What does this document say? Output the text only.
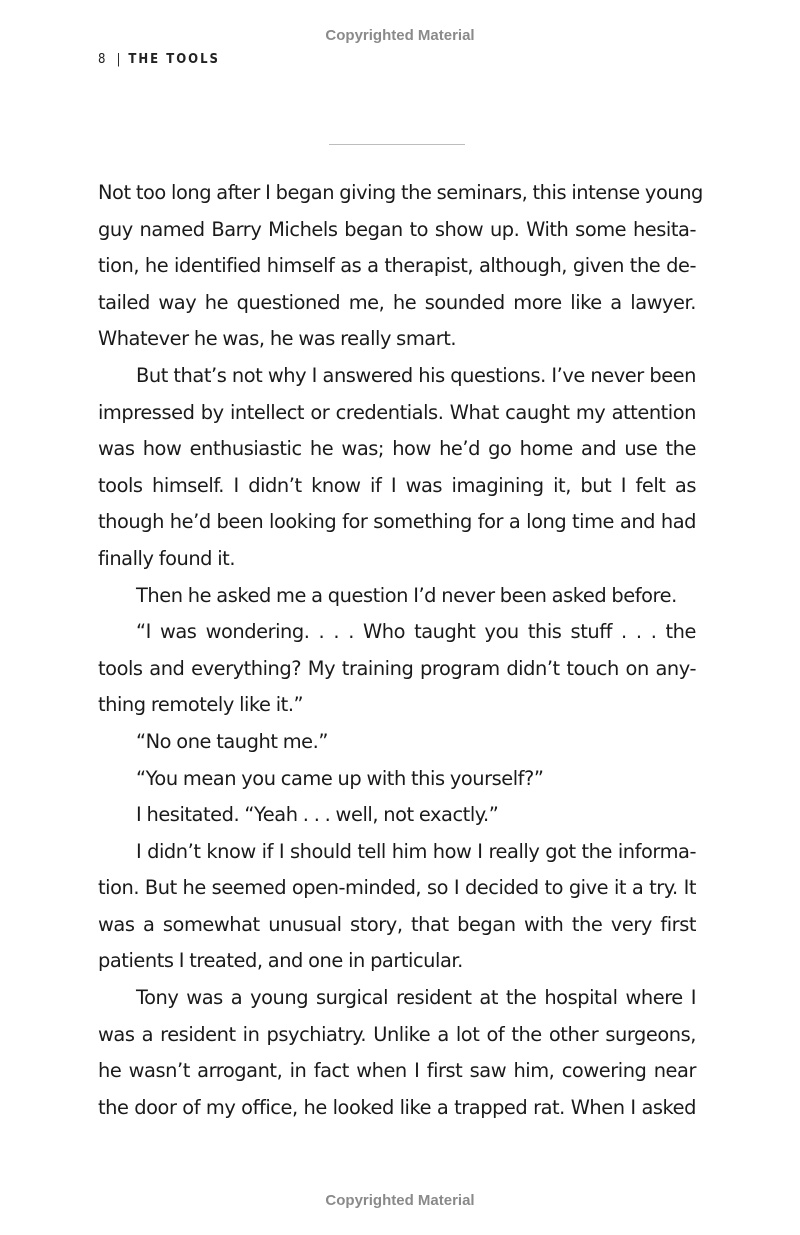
Copyrighted Material
8 | THE TOOLS
Not too long after I began giving the seminars, this intense young
guy named Barry Michels began to show up. With some hesita-
tion, he identified himself as a therapist, although, given the de-
tailed way he questioned me, he sounded more like a lawyer.
Whatever he was, he was really smart.
But that’s not why I answered his questions. I’ve never been
impressed by intellect or credentials. What caught my attention
was how enthusiastic he was; how he’d go home and use the
tools himself. I didn’t know if I was imagining it, but I felt as
though he’d been looking for something for a long time and had
finally found it.
Then he asked me a question I’d never been asked before.
“I was wondering. . . . Who taught you this stuff . . . the
tools and everything? My training program didn’t touch on any-
thing remotely like it.”
“No one taught me.”
“You mean you came up with this yourself?”
I hesitated. “Yeah . . . well, not exactly.”
I didn’t know if I should tell him how I really got the informa-
tion. But he seemed open-minded, so I decided to give it a try. It
was a somewhat unusual story, that began with the very first
patients I treated, and one in particular.
Tony was a young surgical resident at the hospital where I
was a resident in psychiatry. Unlike a lot of the other surgeons,
he wasn’t arrogant, in fact when I first saw him, cowering near
the door of my office, he looked like a trapped rat. When I asked
Copyrighted Material
